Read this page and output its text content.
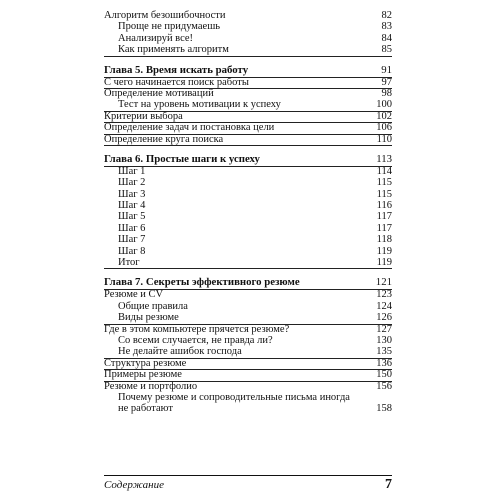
Алгоритм безошибочности	82
Проще не придумаешь	83
Анализируй все!	84
Как применять алгоритм	85
Глава 5. Время искать работу	91
С чего начинается поиск работы	97
Определение мотиваций	98
Тест на уровень мотивации к успеху	100
Критерии выбора	102
Определение задач и постановка цели	106
Определение круга поиска	110
Глава 6. Простые шаги к успеху	113
Шаг 1	114
Шаг 2	115
Шаг 3	115
Шаг 4	116
Шаг 5	117
Шаг 6	117
Шаг 7	118
Шаг 8	119
Итог	119
Глава 7. Секреты эффективного резюме	121
Резюме и CV	123
Общие правила	124
Виды резюме	126
Где в этом компьютере прячется резюме?	127
Со всеми случается, не правда ли?	130
Не делайте ашибок господа	135
Структура резюме	136
Примеры резюме	150
Резюме и портфолио	156
Почему резюме и сопроводительные письма иногда не работают	158
Содержание	7
